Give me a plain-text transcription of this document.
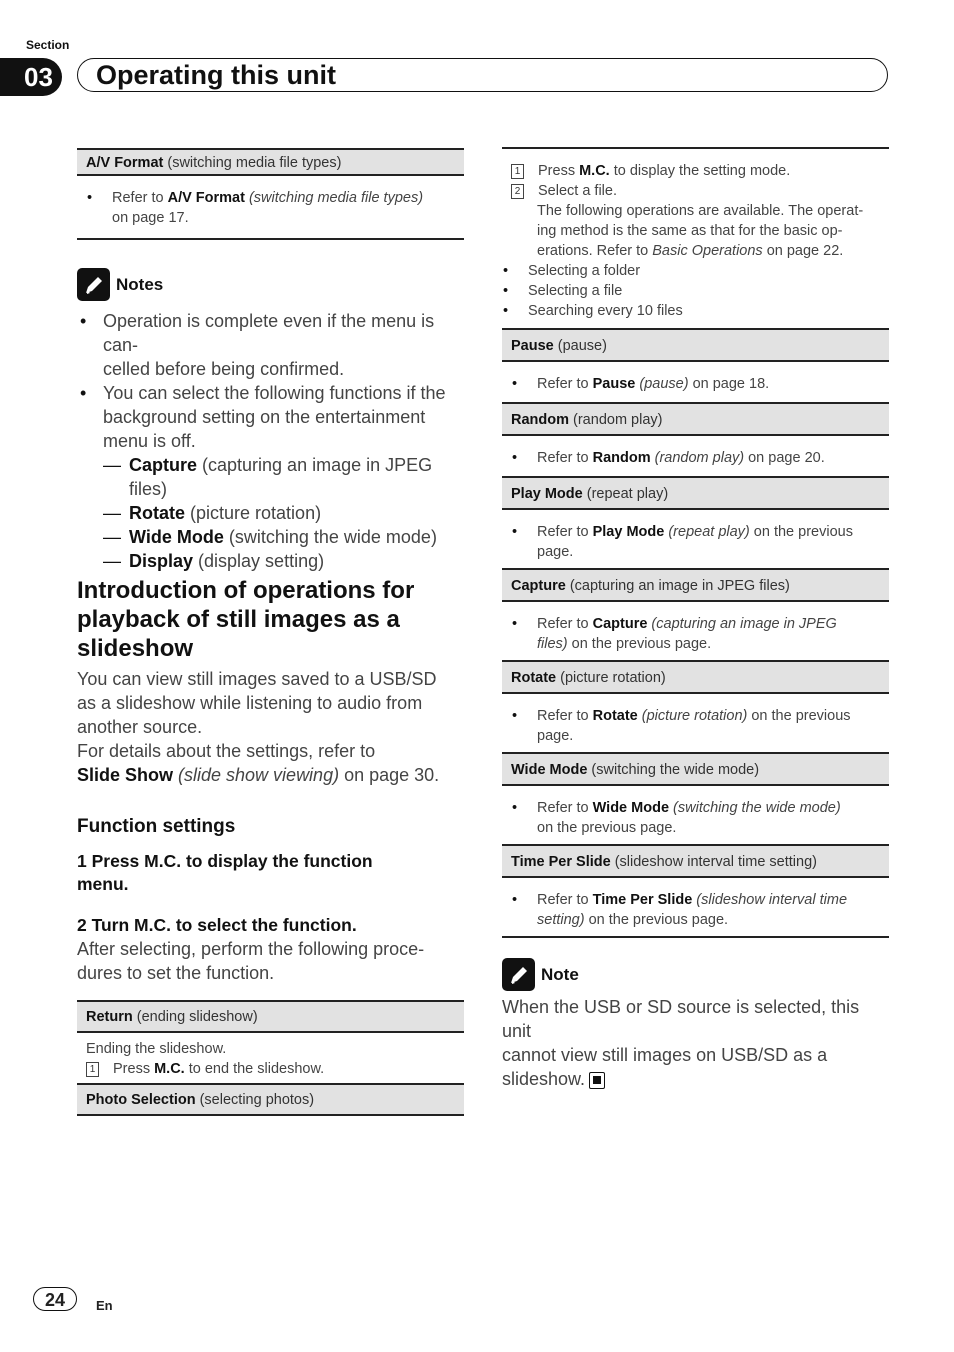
Section
03	Operating this unit
A/V Format (switching media file types)
• Refer to A/V Format (switching media file types)
on page 17.
Notes
• Operation is complete even if the menu is can-
celled before being confirmed.
• You can select the following functions if the
background setting on the entertainment
menu is off.
— Capture (capturing an image in JPEG
files)
— Rotate (picture rotation)
— Wide Mode (switching the wide mode)
— Display (display setting)
Introduction of operations for
playback of still images as a
slideshow
You can view still images saved to a USB/SD
as a slideshow while listening to audio from
another source.
For details about the settings, refer to
Slide Show (slide show viewing) on page 30.
Function settings
1 Press M.C. to display the function
menu.
2 Turn M.C. to select the function.
After selecting, perform the following proce-
dures to set the function.
Return (ending slideshow)
Ending the slideshow.
1 Press M.C. to end the slideshow.
Photo Selection (selecting photos)
1 Press M.C. to display the setting mode.
2 Select a file.
The following operations are available. The operat-
ing method is the same as that for the basic op-
erations. Refer to Basic Operations on page 22.
• Selecting a folder
• Selecting a file
• Searching every 10 files
Pause (pause)
• Refer to Pause (pause) on page 18.
Random (random play)
• Refer to Random (random play) on page 20.
Play Mode (repeat play)
• Refer to Play Mode (repeat play) on the previous
page.
Capture (capturing an image in JPEG files)
• Refer to Capture (capturing an image in JPEG
files) on the previous page.
Rotate (picture rotation)
• Refer to Rotate (picture rotation) on the previous
page.
Wide Mode (switching the wide mode)
• Refer to Wide Mode (switching the wide mode)
on the previous page.
Time Per Slide (slideshow interval time setting)
• Refer to Time Per Slide (slideshow interval time
setting) on the previous page.
Note
When the USB or SD source is selected, this unit
cannot view still images on USB/SD as a
slideshow.
24	En
